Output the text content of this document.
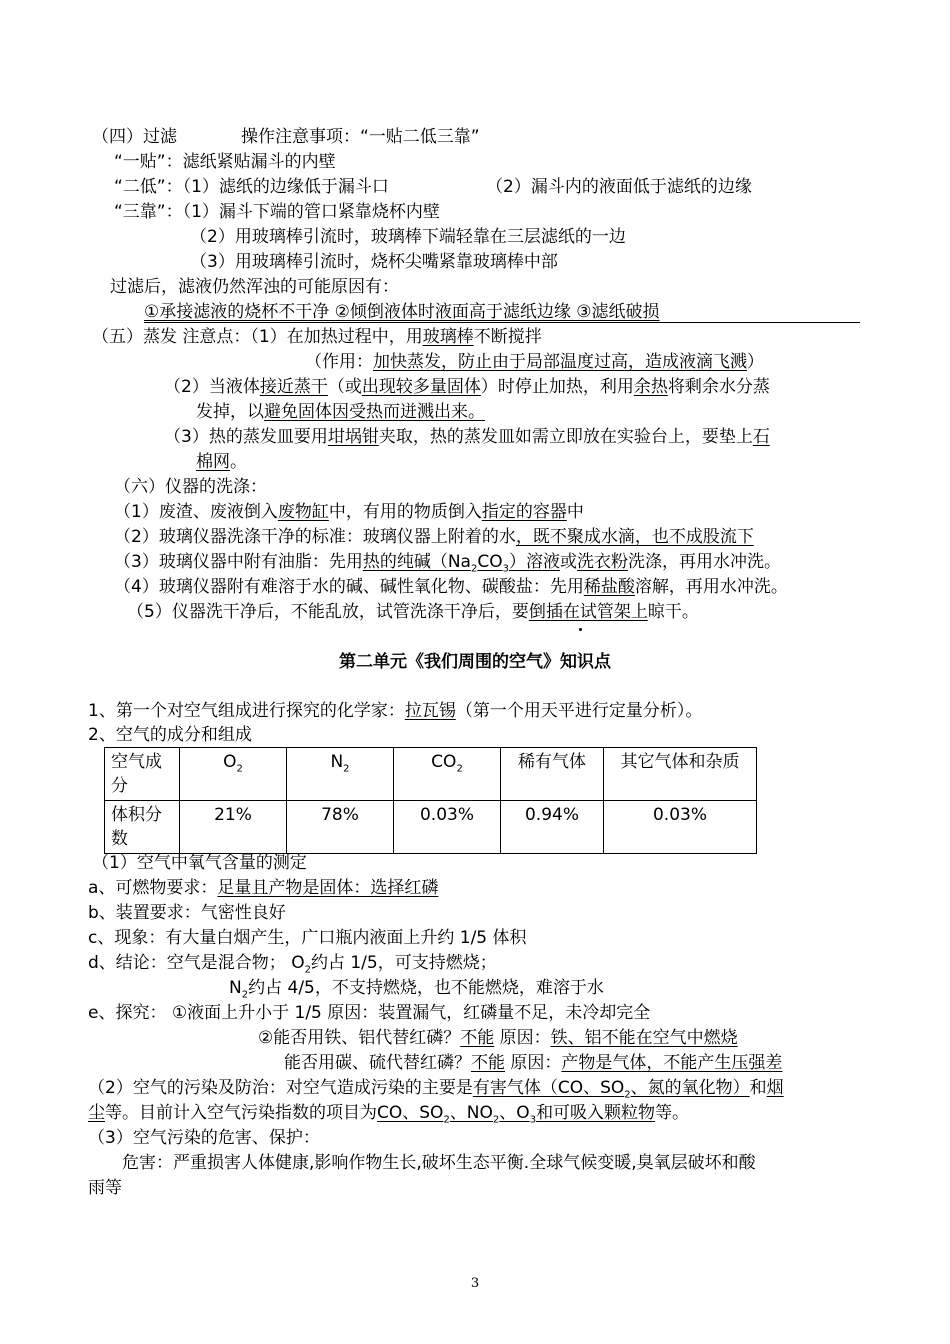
（四）过滤	操作注意事项：“一贴二低三靠”
“一贴”：滤纸紧贴漏斗的内壁
“二低”：（1）滤纸的边缘低于漏斗口	（2）漏斗内的液面低于滤纸的边缘
“三靠”：（1）漏斗下端的管口紧靠烧杯内壁
（2）用玻璃棒引流时，玻璃棒下端轻靠在三层滤纸的一边
（3）用玻璃棒引流时，烧杯尖嘴紧靠玻璃棒中部
过滤后，滤液仍然浑浊的可能原因有：
①承接滤液的烧杯不干净 ②倾倒液体时液面高于滤纸边缘 ③滤纸破损
（五）蒸发 注意点：（1）在加热过程中，用玻璃棒不断搅拌
（作用：加快蒸发，防止由于局部温度过高，造成液滴飞溅）
（2）当液体接近蒸干（或出现较多量固体）时停止加热，利用余热将剩余水分蒸
发掉，以避免固体因受热而迸溅出来。
（3）热的蒸发皿要用坩埚钳夹取，热的蒸发皿如需立即放在实验台上，要垫上石
棉网。
（六）仪器的洗涤：
（1）废渣、废液倒入废物缸中，有用的物质倒入指定的容器中
（2）玻璃仪器洗涤干净的标准：玻璃仪器上附着的水，既不聚成水滴，也不成股流下
（3）玻璃仪器中附有油脂：先用热的纯碱$(Na_2CO_3)$溶液或洗衣粉洗涤，再用水冲洗。
（4）玻璃仪器附有难溶于水的碱、碱性氧化物、碳酸盐：先用稀盐酸溶解，再用水冲洗。
（5）仪器洗干净后，不能乱放，试管洗涤干净后，要倒插在试管架上晾干。
第二单元《我们周围的空气》知识点
1、第一个对空气组成进行探究的化学家：拉瓦锡（第一个用天平进行定量分析）。
2、空气的成分和组成
空气成分	$O_2$	$N_2$	$CO_2$	稀有气体	其它气体和杂质
体积分数	21%	78%	0.03%	0.94%	0.03%
（1）空气中氧气含量的测定
a、可燃物要求：足量且产物是固体：选择红磷
b、装置要求：气密性良好
c、现象：有大量白烟产生，广口瓶内液面上升约 1/5 体积
d、结论：空气是混合物； $O_2$约占 1/5，可支持燃烧；
$N_2$约占 4/5，不支持燃烧，也不能燃烧，难溶于水
e、探究： ①液面上升小于 1/5 原因：装置漏气，红磷量不足，未冷却完全
②能否用铁、铝代替红磷？不能 原因：铁、铝不能在空气中燃烧
能否用碳、硫代替红磷？不能 原因：产物是气体，不能产生压强差
（2）空气的污染及防治：对空气造成污染的主要是有害气体（CO、$SO_2$、氮的氧化物）和烟
尘等。目前计入空气污染指数的项目为CO、$SO_2$、$NO_2$、$O_3$和可吸入颗粒物等。
（3）空气污染的危害、保护：
危害：严重损害人体健康,影响作物生长,破坏生态平衡.全球气候变暖,臭氧层破坏和酸
雨等
3
